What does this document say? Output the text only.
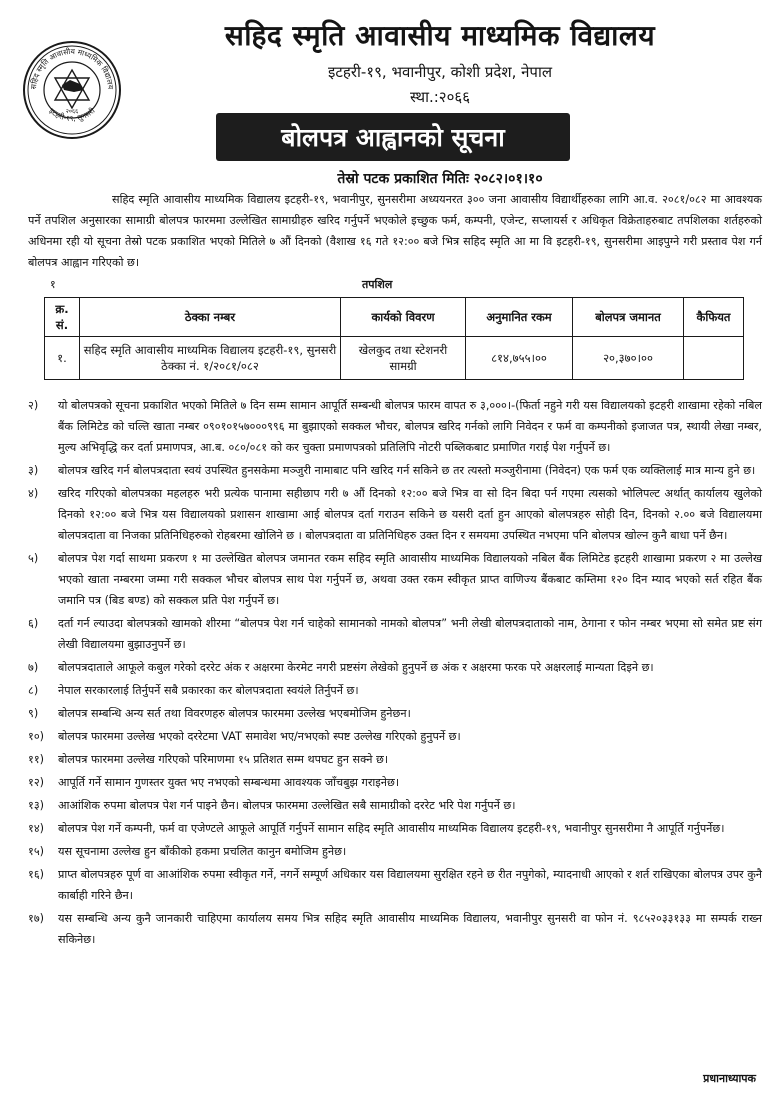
सहिद स्मृति आवासीय माध्यमिक विद्यालय
इटहरी-१९, सुनसरी
२०६६
सहिद स्मृति आवासीय माध्यमिक विद्यालय
इटहरी-१९, भवानीपुर, कोशी प्रदेश, नेपाल
स्था.:२०६६
बोलपत्र आह्वानको सूचना
तेस्रो पटक प्रकाशित मितिः २०८२।०१।१०

सहिद स्मृति आवासीय माध्यमिक विद्यालय इटहरी-१९, भवानीपुर, सुनसरीमा अध्ययनरत ३०० जना आवासीय विद्यार्थीहरुका लागि आ.व. २०८१/०८२ मा आवश्यक पर्ने तपशिल अनुसारका सामाग्री बोलपत्र फारममा उल्लेखित सामाग्रीहरु खरिद गर्नुपर्ने भएकोले इच्छुक फर्म, कम्पनी, एजेन्ट, सप्लायर्स र अधिकृत विक्रेताहरुबाट तपशिलका शर्तहरुको अधिनमा रही यो सूचना तेस्रो पटक प्रकाशित भएको मितिले ७ औं दिनको (वैशाख १६ गते १२:०० बजे भित्र सहिद स्मृति आ मा वि इटहरी-१९, सुनसरीमा आइपुग्ने गरी प्रस्ताव पेश गर्न बोलपत्र आह्वान गरिएको छ।

१	तपशिल
क्र. सं.	ठेक्का नम्बर	कार्यको विवरण	अनुमानित रकम	बोलपत्र जमानत	कैफियत
१.	सहिद स्मृति आवासीय माध्यमिक विद्यालय इटहरी-१९, सुनसरी ठेक्का नं. १/२०८१/०८२	खेलकुद तथा स्टेशनरी सामग्री	८१४,७५५।००	२०,३७०।००	
२)	यो बोलपत्रको सूचना प्रकाशित भएको मितिले ७ दिन सम्म सामान आपूर्ति सम्बन्धी बोलपत्र फारम वापत रु ३,०००।-(फिर्ता नहुने गरी यस विद्यालयको इटहरी शाखामा रहेको नबिल बैंक लिमिटेड को चल्ति खाता नम्बर ०९०१०१५७०००९९६ मा बुझाएको सक्कल भौचर, बोलपत्र खरिद गर्नको लागि निवेदन र फर्म वा कम्पनीको इजाजत पत्र, स्थायी लेखा नम्बर, मुल्य अभिवृद्धि कर दर्ता प्रमाणपत्र, आ.ब. ०८०/०८१ को कर चुक्ता प्रमाणपत्रको प्रतिलिपि नोटरी पब्लिकबाट प्रमाणित गराई पेश गर्नुपर्ने छ।
३)	बोलपत्र खरिद गर्न बोलपत्रदाता स्वयं उपस्थित हुनसकेमा मञ्जुरी नामाबाट पनि खरिद गर्न सकिने छ तर त्यस्तो मञ्जुरीनामा (निवेदन) एक फर्म एक व्यक्तिलाई मात्र मान्य हुने छ।
४)	खरिद गरिएको बोलपत्रका महलहरु भरी प्रत्येक पानामा सहीछाप गरी ७ औं दिनको १२:०० बजे भित्र वा सो दिन बिदा पर्न गएमा त्यसको भोलिपल्ट अर्थात् कार्यालय खुलेको दिनको १२:०० बजे भित्र यस विद्यालयको प्रशासन शाखामा आई बोलपत्र दर्ता गराउन सकिने छ यसरी दर्ता हुन आएको बोलपत्रहरु सोही दिन, दिनको २.०० बजे विद्यालयमा बोलपत्रदाता वा निजका प्रतिनिधिहरुको रोहबरमा खोलिने छ । बोलपत्रदाता वा प्रतिनिधिहरु उक्त दिन र समयमा उपस्थित नभएमा पनि बोलपत्र खोल्न कुनै बाधा पर्ने छैन।
५)	बोलपत्र पेश गर्दा साथमा प्रकरण १ मा उल्लेखित बोलपत्र जमानत रकम सहिद स्मृति आवासीय माध्यमिक विद्यालयको नबिल बैंक लिमिटेड इटहरी शाखामा प्रकरण २ मा उल्लेख भएको खाता नम्बरमा जम्मा गरी सक्कल भौचर बोलपत्र साथ पेश गर्नुपर्ने छ, अथवा उक्त रकम स्वीकृत प्राप्त वाणिज्य बैंकबाट कम्तिमा १२० दिन म्याद भएको सर्त रहित बैंक जमानि पत्र (बिड बण्ड) को सक्कल प्रति पेश गर्नुपर्ने छ।
६)	दर्ता गर्न ल्याउदा बोलपत्रको खामको शीरमा “बोलपत्र पेश गर्न चाहेको सामानको नामको बोलपत्र” भनी लेखी बोलपत्रदाताको नाम, ठेगाना र फोन नम्बर भएमा सो समेत प्रष्ट संग लेखी विद्यालयमा बुझाउनुपर्ने छ।
७)	बोलपत्रदाताले आफूले कबुल गरेको दररेट अंक र अक्षरमा केरमेट नगरी प्रष्टसंग लेखेको हुनुपर्ने छ अंक र अक्षरमा फरक परे अक्षरलाई मान्यता दिइने छ।
८)	नेपाल सरकारलाई तिर्नुपर्ने सबै प्रकारका कर बोलपत्रदाता स्वयंले तिर्नुपर्ने छ।
९)	बोलपत्र सम्बन्धि अन्य सर्त तथा विवरणहरु बोलपत्र फारममा उल्लेख भएबमोजिम हुनेछन।
१०)	बोलपत्र फारममा उल्लेख भएको दररेटमा VAT समावेश भए/नभएको स्पष्ट उल्लेख गरिएको हुनुपर्ने छ।
११)	बोलपत्र फारममा उल्लेख गरिएको परिमाणमा १५ प्रतिशत सम्म थपघट हुन सक्ने छ।
१२)	आपूर्ति गर्ने सामान गुणस्तर युक्त भए नभएको सम्बन्धमा आवश्यक जाँचबुझ गराइनेछ।
१३)	आआंशिक रुपमा बोलपत्र पेश गर्न पाइने छैन। बोलपत्र फारममा उल्लेखित सबै सामाग्रीको दररेट भरि पेश गर्नुपर्ने छ।
१४)	बोलपत्र पेश गर्ने कम्पनी, फर्म वा एजेण्टले आफूले आपूर्ति गर्नुपर्ने सामान सहिद स्मृति आवासीय माध्यमिक विद्यालय इटहरी-१९, भवानीपुर सुनसरीमा नै आपूर्ति गर्नुपर्नेछ।
१५)	यस सूचनामा उल्लेख हुन बाँकीको हकमा प्रचलित कानुन बमोजिम हुनेछ।
१६)	प्राप्त बोलपत्रहरु पूर्ण वा आआंशिक रुपमा स्वीकृत गर्ने, नगर्ने सम्पूर्ण अधिकार यस विद्यालयमा सुरक्षित रहने छ रीत नपुगेको, म्यादनाधी आएको र शर्त राखिएका बोलपत्र उपर कुनै कार्बाही गरिने छैन।
१७)	यस सम्बन्धि अन्य कुनै जानकारी चाहिएमा कार्यालय समय भित्र सहिद स्मृति आवासीय माध्यमिक विद्यालय, भवानीपुर सुनसरी वा फोन नं. ९८५२०३३१३३ मा सम्पर्क राख्न सकिनेछ।
प्रधानाध्यापक
